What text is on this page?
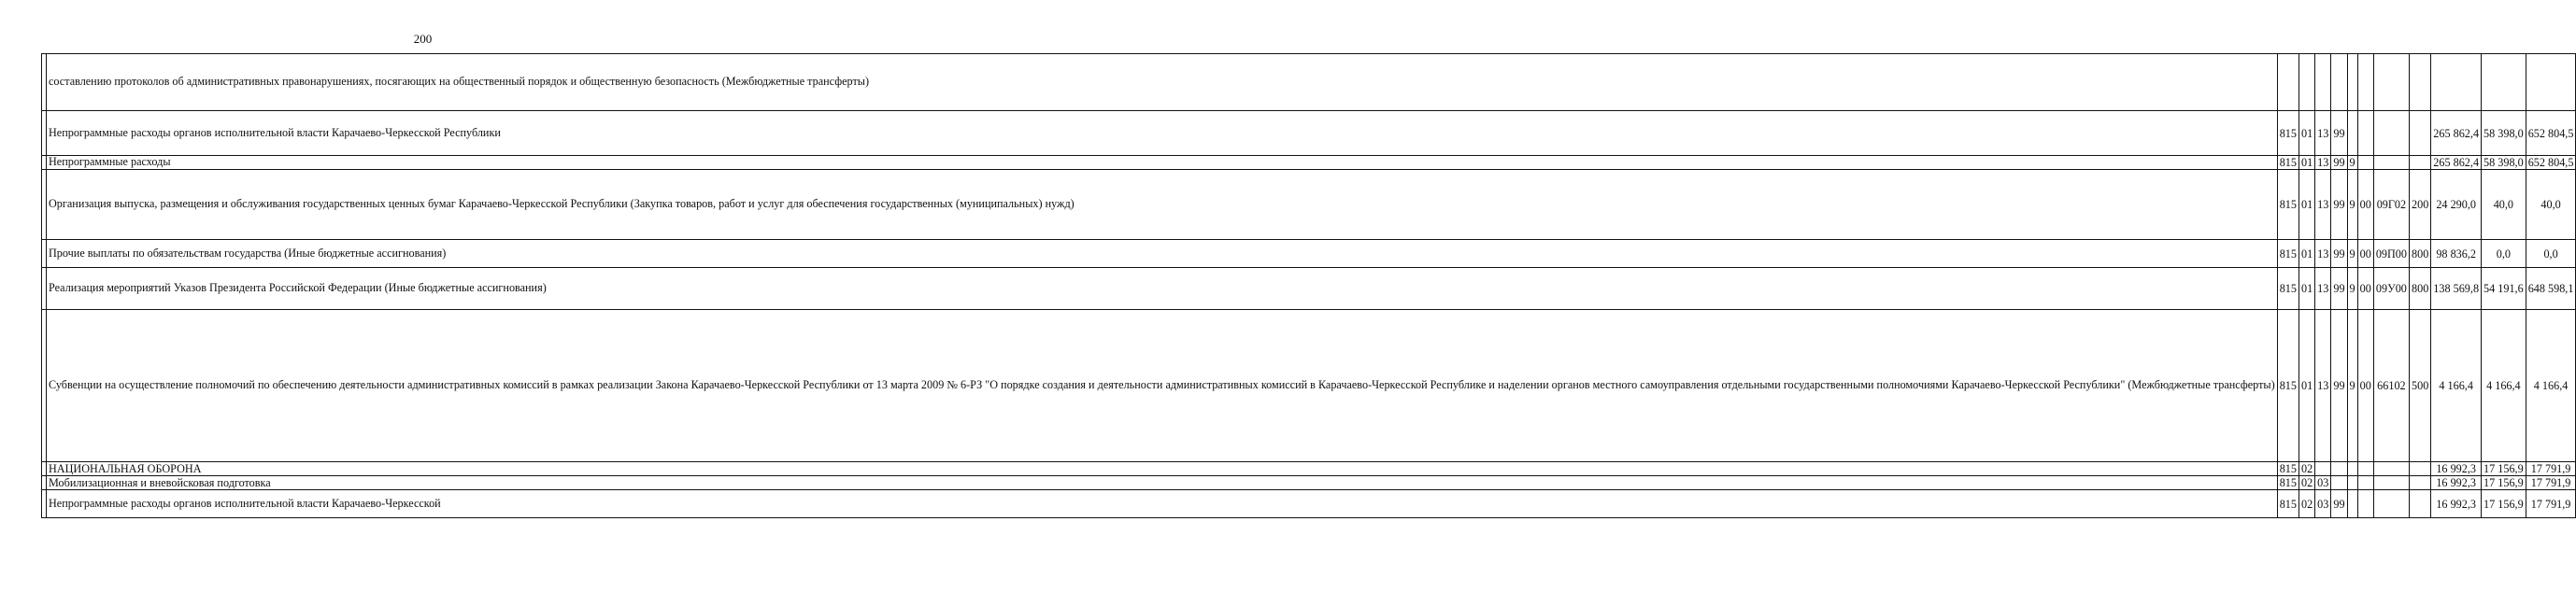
200
	составлению протоколов об административных правонарушениях, посягающих на общественный порядок и общественную безопасность (Межбюджетные трансферты)											
	Непрограммные расходы органов исполнительной власти Карачаево-Черкесской Республики	815	01	13	99					265 862,4	58 398,0	652 804,5
	Непрограммные расходы	815	01	13	99	9				265 862,4	58 398,0	652 804,5
	Организация выпуска, размещения и обслуживания государственных ценных бумаг Карачаево-Черкесской Республики (Закупка товаров, работ и услуг для обеспечения государственных (муниципальных) нужд)	815	01	13	99	9	00	09Г02	200	24 290,0	40,0	40,0
	Прочие выплаты по обязательствам государства (Иные бюджетные ассигнования)	815	01	13	99	9	00	09П00	800	98 836,2	0,0	0,0
	Реализация мероприятий Указов Президента Российской Федерации (Иные бюджетные ассигнования)	815	01	13	99	9	00	09У00	800	138 569,8	54 191,6	648 598,1
	Субвенции на осуществление полномочий по обеспечению деятельности административных комиссий в рамках реализации Закона Карачаево-Черкесской Республики от 13 марта 2009 № 6-РЗ "О порядке создания и деятельности административных комиссий в Карачаево-Черкесской Республике и наделении органов местного самоуправления отдельными государственными полномочиями Карачаево-Черкесской Республики" (Межбюджетные трансферты)	815	01	13	99	9	00	66102	500	4 166,4	4 166,4	4 166,4
	НАЦИОНАЛЬНАЯ ОБОРОНА	815	02							16 992,3	17 156,9	17 791,9
	Мобилизационная и вневойсковая подготовка	815	02	03						16 992,3	17 156,9	17 791,9
	Непрограммные расходы органов исполнительной власти Карачаево-Черкесской	815	02	03	99					16 992,3	17 156,9	17 791,9
